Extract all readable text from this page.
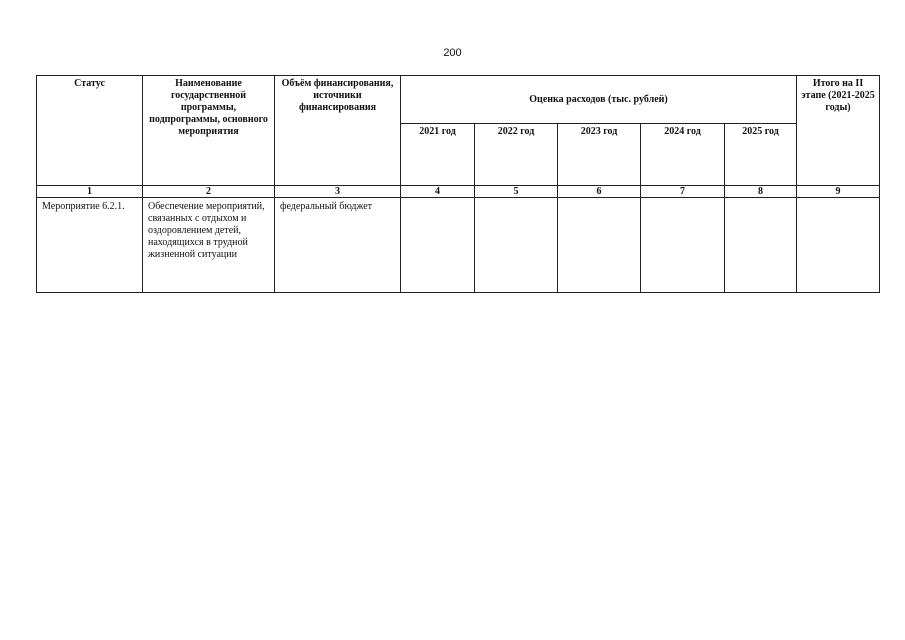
200
Статус	Наименование государственной программы, подпрограммы, основного мероприятия	Объём финансирования, источники финансирования	Оценка расходов (тыс. рублей)					Итого на II этапе (2021-2025 годы)
			2021 год	2022 год	2023 год	2024 год	2025 год	
1	2	3	4	5	6	7	8	9
Мероприятие 6.2.1.	Обеспечение мероприятий, связанных с отдыхом и оздоровлением детей, находящихся в трудной жизненной ситуации	федеральный бюджет						
